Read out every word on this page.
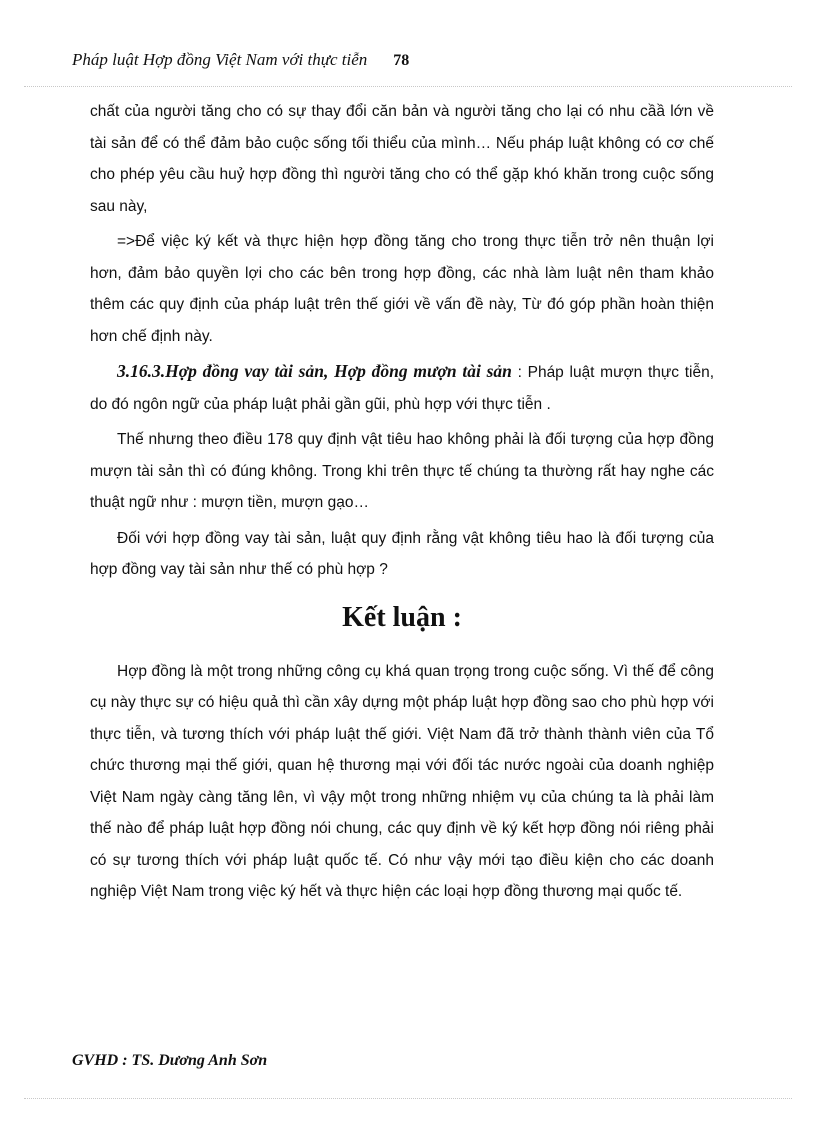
Pháp luật Hợp đồng Việt Nam với thực tiễn 78

chất của người tăng cho có sự thay đổi căn bản và người tăng cho lại có nhu cầầ lớn về tài sản để có thể đảm bảo cuộc sống tối thiểu của mình… Nếu pháp luật không có cơ chế cho phép yêu cầu huỷ hợp đồng thì người tăng cho có thể gặp khó khăn trong cuộc sống sau này,

=>Để việc ký kết và thực hiện hợp đồng tăng cho trong thực tiễn trở nên thuận lợi hơn, đảm bảo quyền lợi cho các bên trong hợp đồng, các nhà làm luật nên tham khảo thêm các quy định của pháp luật trên thế giới về vấn đề này, Từ đó góp phần hoàn thiện hơn chế định này.

3.16.3.Hợp đồng vay tài sản, Hợp đồng mượn tài sản : Pháp luật mượn thực tiễn, do đó ngôn ngữ của pháp luật phải gần gũi, phù hợp với thực tiễn .

Thế nhưng theo điều 178 quy định vật tiêu hao không phải là đối tượng của hợp đồng mượn tài sản thì có đúng không. Trong khi trên thực tế chúng ta thường rất hay nghe các thuật ngữ như : mượn tiền, mượn gạo…

Đối với hợp đồng vay tài sản, luật quy định rằng vật không tiêu hao là đối tượng của hợp đồng vay tài sản như thế có phù hợp ?

Kết luận :

Hợp đồng là một trong những công cụ khá quan trọng trong cuộc sống. Vì thế để công cụ này thực sự có hiệu quả thì cần xây dựng một pháp luật hợp đồng sao cho phù hợp với thực tiễn, và tương thích với pháp luật thế giới. Việt Nam đã trở thành thành viên của Tổ chức thương mại thế giới, quan hệ thương mại với đối tác nước ngoài của doanh nghiệp Việt Nam ngày càng tăng lên, vì vậy một trong những nhiệm vụ của chúng ta là phải làm thế nào để pháp luật hợp đồng nói chung, các quy định về ký kết hợp đồng nói riêng phải có sự tương thích với pháp luật quốc tế. Có như vậy mới tạo điều kiện cho các doanh nghiệp Việt Nam trong việc ký hết và thực hiện các loại hợp đồng thương mại quốc tế.

GVHD : TS. Dương Anh Sơn
